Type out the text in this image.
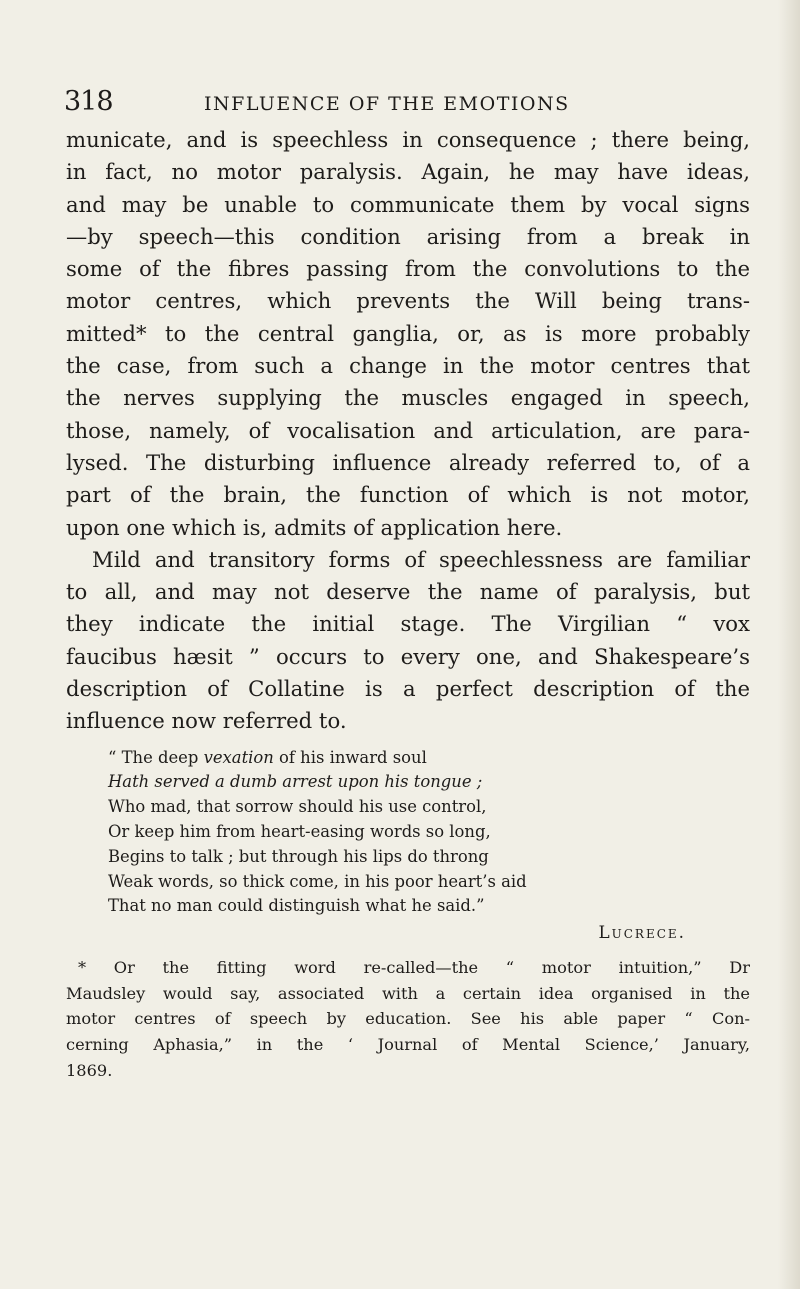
318	INFLUENCE OF THE EMOTIONS

municate, and is speechless in consequence ; there being,

in fact, no motor paralysis. Again, he may have ideas,

and may be unable to communicate them by vocal signs

—by speech—this condition arising from a break in

some of the fibres passing from the convolutions to the

motor centres, which prevents the Will being trans-

mitted* to the central ganglia, or, as is more probably

the case, from such a change in the motor centres that

the nerves supplying the muscles engaged in speech,

those, namely, of vocalisation and articulation, are para-

lysed. The disturbing influence already referred to, of a

part of the brain, the function of which is not motor,

upon one which is, admits of application here.

Mild and transitory forms of speechlessness are familiar

to all, and may not deserve the name of paralysis, but

they indicate the initial stage. The Virgilian “ vox

faucibus hæsit ” occurs to every one, and Shakespeare’s

description of Collatine is a perfect description of the

influence now referred to.

“ The deep vexation of his inward soul

Hath served a dumb arrest upon his tongue ;

Who mad, that sorrow should his use control,

Or keep him from heart-easing words so long,

Begins to talk ; but through his lips do throng

Weak words, so thick come, in his poor heart’s aid

That no man could distinguish what he said.”

Lucrece.

* Or the fitting word re-called—the “ motor intuition,” Dr

Maudsley would say, associated with a certain idea organised in the

motor centres of speech by education. See his able paper “ Con-

cerning Aphasia,” in the ‘ Journal of Mental Science,’ January,

1869.
